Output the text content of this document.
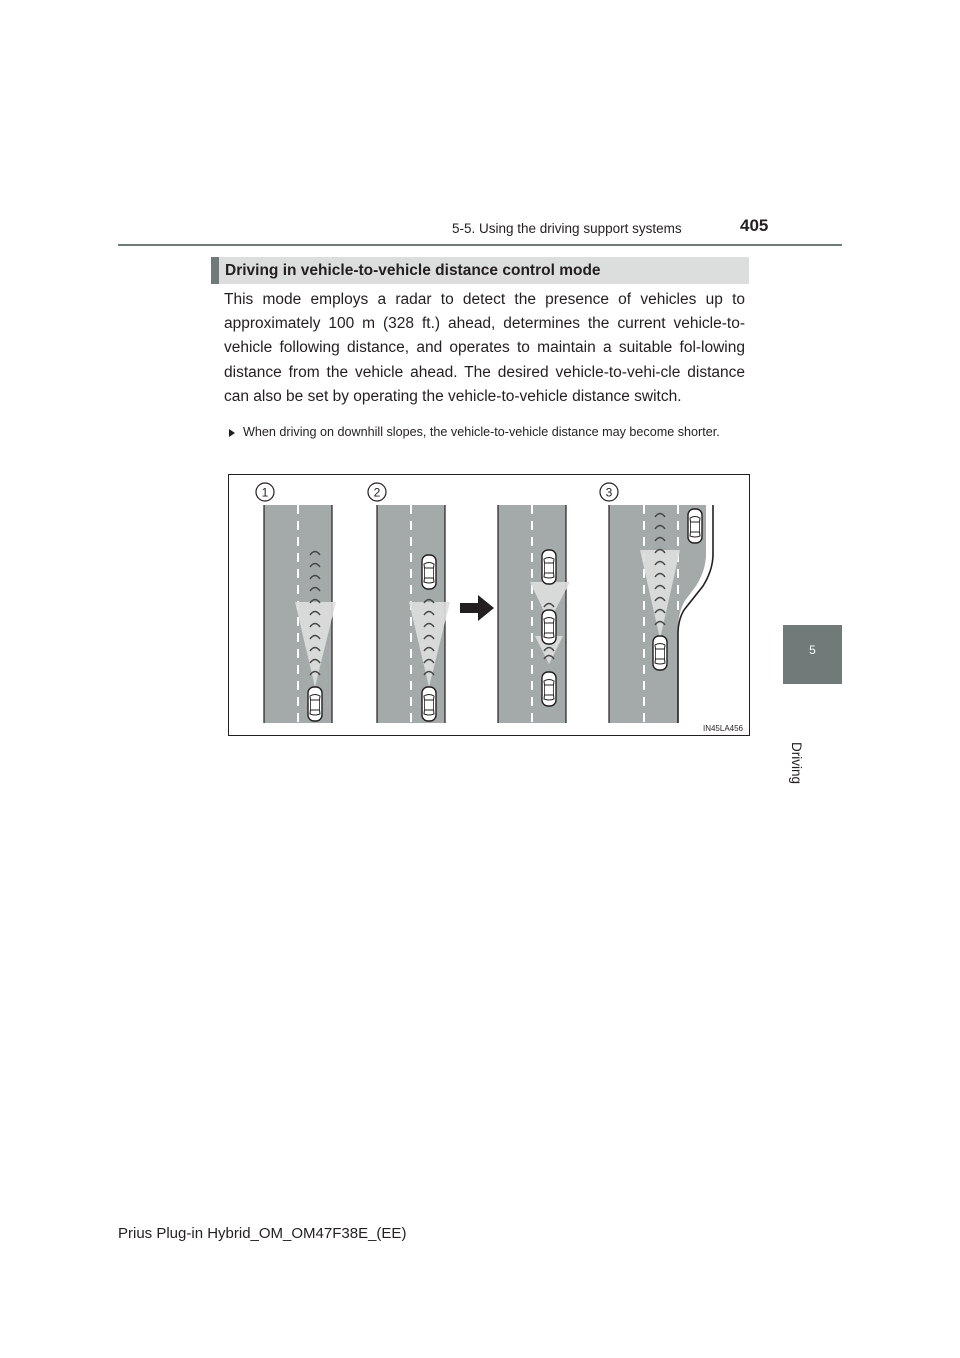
5-5. Using the driving support systems	405
Driving in vehicle-to-vehicle distance control mode

This mode employs a radar to detect the presence of vehicles up to approximately 100 m (328 ft.) ahead, determines the current vehicle-to-vehicle following distance, and operates to maintain a suitable fol-lowing distance from the vehicle ahead. The desired vehicle-to-vehi-cle distance can also be set by operating the vehicle-to-vehicle distance switch.

When driving on downhill slopes, the vehicle-to-vehicle distance may become shorter.

1	2	3
IN45LA456
5
Driving
Prius Plug-in Hybrid_OM_OM47F38E_(EE)
